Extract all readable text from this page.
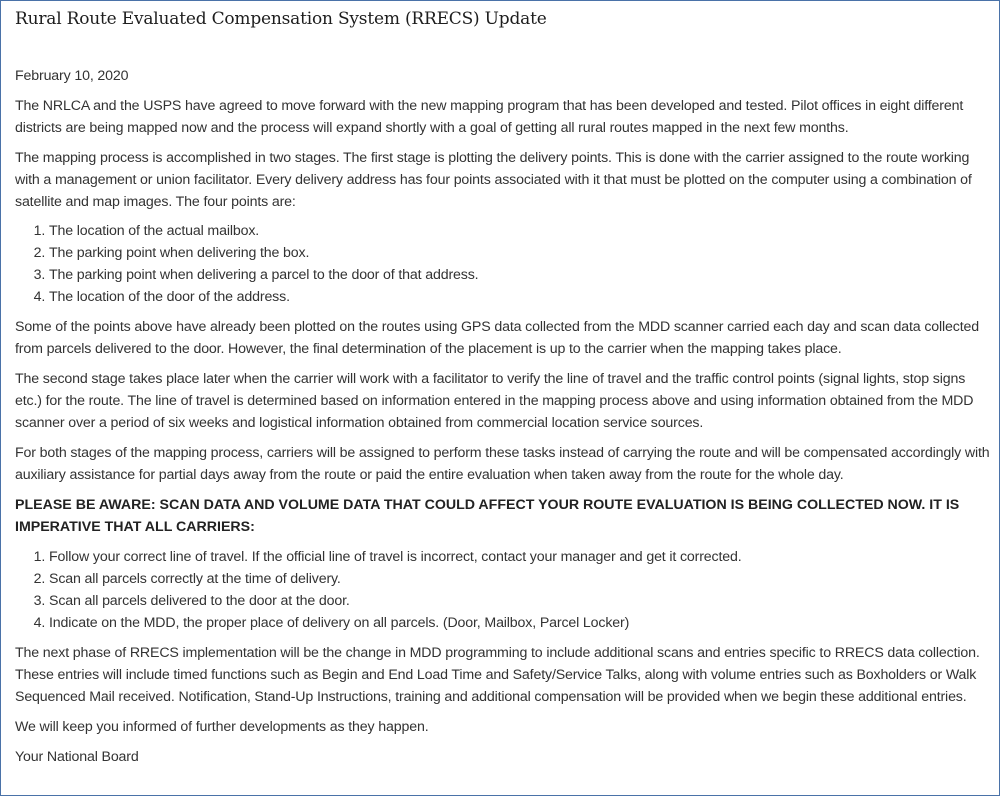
Rural Route Evaluated Compensation System (RRECS) Update

February 10, 2020

The NRLCA and the USPS have agreed to move forward with the new mapping program that has been developed and tested. Pilot offices in eight different districts are being mapped now and the process will expand shortly with a goal of getting all rural routes mapped in the next few months.

The mapping process is accomplished in two stages. The first stage is plotting the delivery points. This is done with the carrier assigned to the route working with a management or union facilitator. Every delivery address has four points associated with it that must be plotted on the computer using a combination of satellite and map images. The four points are:

1. The location of the actual mailbox.
2. The parking point when delivering the box.
3. The parking point when delivering a parcel to the door of that address.
4. The location of the door of the address.

Some of the points above have already been plotted on the routes using GPS data collected from the MDD scanner carried each day and scan data collected from parcels delivered to the door. However, the final determination of the placement is up to the carrier when the mapping takes place.

The second stage takes place later when the carrier will work with a facilitator to verify the line of travel and the traffic control points (signal lights, stop signs etc.) for the route. The line of travel is determined based on information entered in the mapping process above and using information obtained from the MDD scanner over a period of six weeks and logistical information obtained from commercial location service sources.

For both stages of the mapping process, carriers will be assigned to perform these tasks instead of carrying the route and will be compensated accordingly with auxiliary assistance for partial days away from the route or paid the entire evaluation when taken away from the route for the whole day.

PLEASE BE AWARE: SCAN DATA AND VOLUME DATA THAT COULD AFFECT YOUR ROUTE EVALUATION IS BEING COLLECTED NOW. IT IS IMPERATIVE THAT ALL CARRIERS:

1. Follow your correct line of travel. If the official line of travel is incorrect, contact your manager and get it corrected.
2. Scan all parcels correctly at the time of delivery.
3. Scan all parcels delivered to the door at the door.
4. Indicate on the MDD, the proper place of delivery on all parcels. (Door, Mailbox, Parcel Locker)

The next phase of RRECS implementation will be the change in MDD programming to include additional scans and entries specific to RRECS data collection. These entries will include timed functions such as Begin and End Load Time and Safety/Service Talks, along with volume entries such as Boxholders or Walk Sequenced Mail received. Notification, Stand-Up Instructions, training and additional compensation will be provided when we begin these additional entries.

We will keep you informed of further developments as they happen.

Your National Board
